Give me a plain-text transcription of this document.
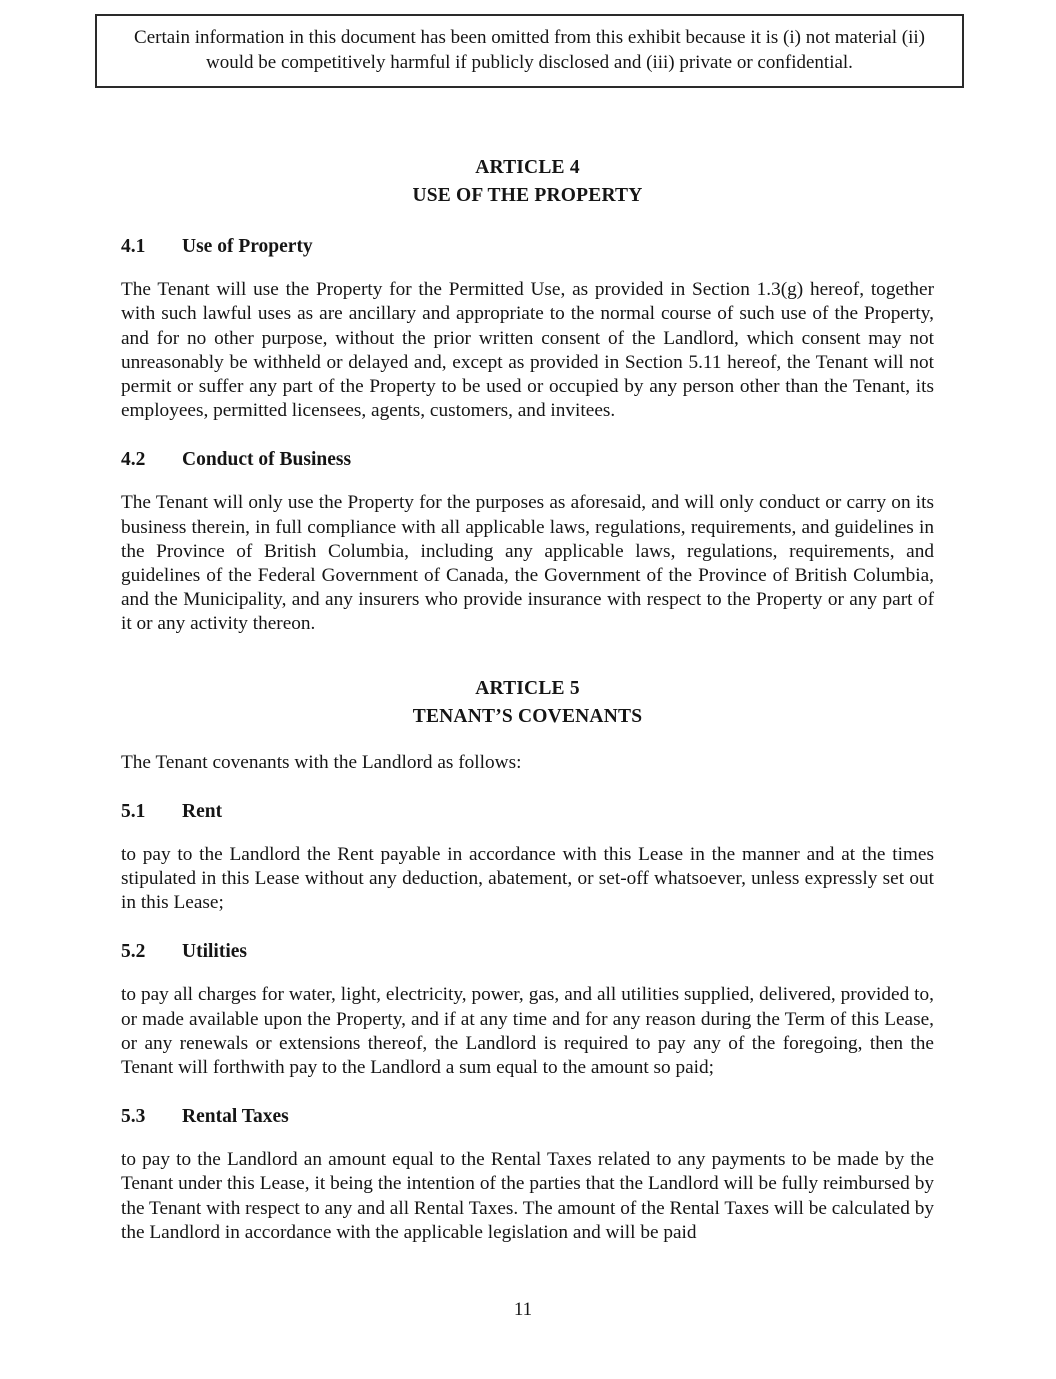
Certain information in this document has been omitted from this exhibit because it is (i) not material (ii) would be competitively harmful if publicly disclosed and (iii) private or confidential.
ARTICLE 4
USE OF THE PROPERTY
4.1 Use of Property

The Tenant will use the Property for the Permitted Use, as provided in Section 1.3(g) hereof, together with such lawful uses as are ancillary and appropriate to the normal course of such use of the Property, and for no other purpose, without the prior written consent of the Landlord, which consent may not unreasonably be withheld or delayed and, except as provided in Section 5.11 hereof, the Tenant will not permit or suffer any part of the Property to be used or occupied by any person other than the Tenant, its employees, permitted licensees, agents, customers, and invitees.

4.2 Conduct of Business

The Tenant will only use the Property for the purposes as aforesaid, and will only conduct or carry on its business therein, in full compliance with all applicable laws, regulations, requirements, and guidelines in the Province of British Columbia, including any applicable laws, regulations, requirements, and guidelines of the Federal Government of Canada, the Government of the Province of British Columbia, and the Municipality, and any insurers who provide insurance with respect to the Property or any part of it or any activity thereon.

ARTICLE 5
TENANT’S COVENANTS

The Tenant covenants with the Landlord as follows:

5.1 Rent

to pay to the Landlord the Rent payable in accordance with this Lease in the manner and at the times stipulated in this Lease without any deduction, abatement, or set-off whatsoever, unless expressly set out in this Lease;

5.2 Utilities

to pay all charges for water, light, electricity, power, gas, and all utilities supplied, delivered, provided to, or made available upon the Property, and if at any time and for any reason during the Term of this Lease, or any renewals or extensions thereof, the Landlord is required to pay any of the foregoing, then the Tenant will forthwith pay to the Landlord a sum equal to the amount so paid;

5.3 Rental Taxes

to pay to the Landlord an amount equal to the Rental Taxes related to any payments to be made by the Tenant under this Lease, it being the intention of the parties that the Landlord will be fully reimbursed by the Tenant with respect to any and all Rental Taxes. The amount of the Rental Taxes will be calculated by the Landlord in accordance with the applicable legislation and will be paid

11
